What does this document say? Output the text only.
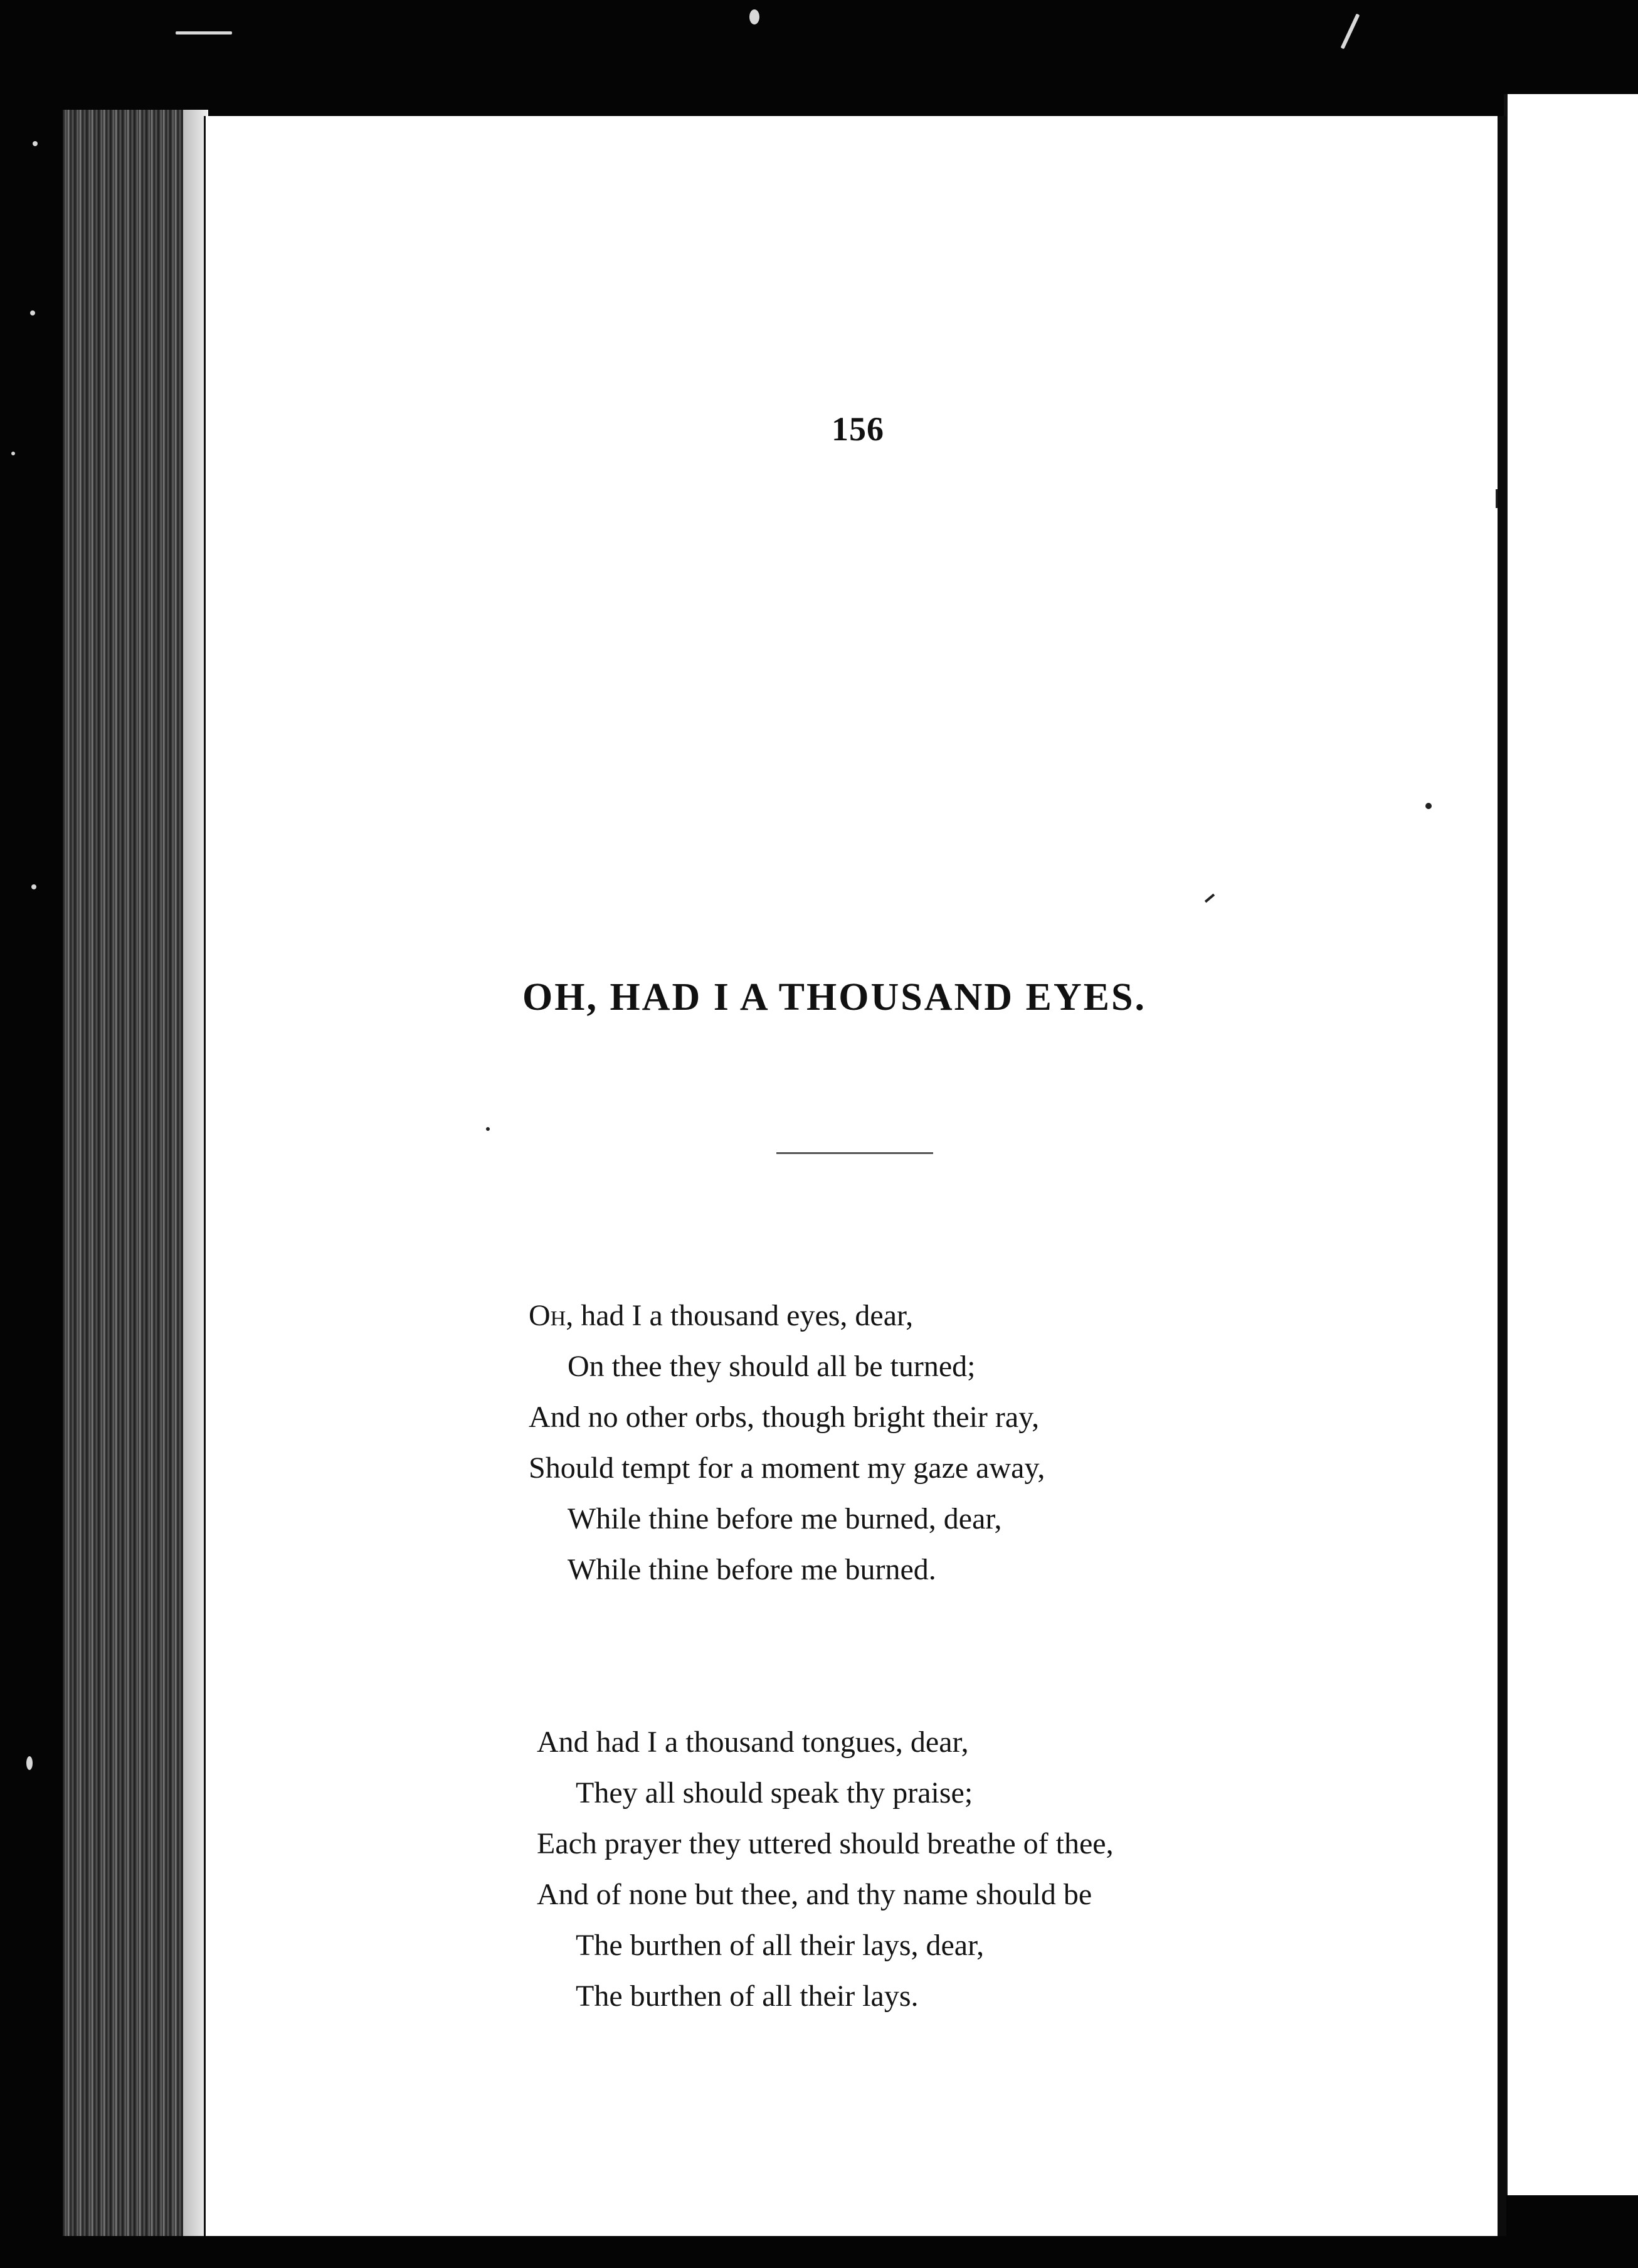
156
OH, HAD I A THOUSAND EYES.
Oh, had I a thousand eyes, dear,
On thee they should all be turned;
And no other orbs, though bright their ray,
Should tempt for a moment my gaze away,
While thine before me burned, dear,
While thine before me burned.
And had I a thousand tongues, dear,
They all should speak thy praise;
Each prayer they uttered should breathe of thee,
And of none but thee, and thy name should be
The burthen of all their lays, dear,
The burthen of all their lays.
